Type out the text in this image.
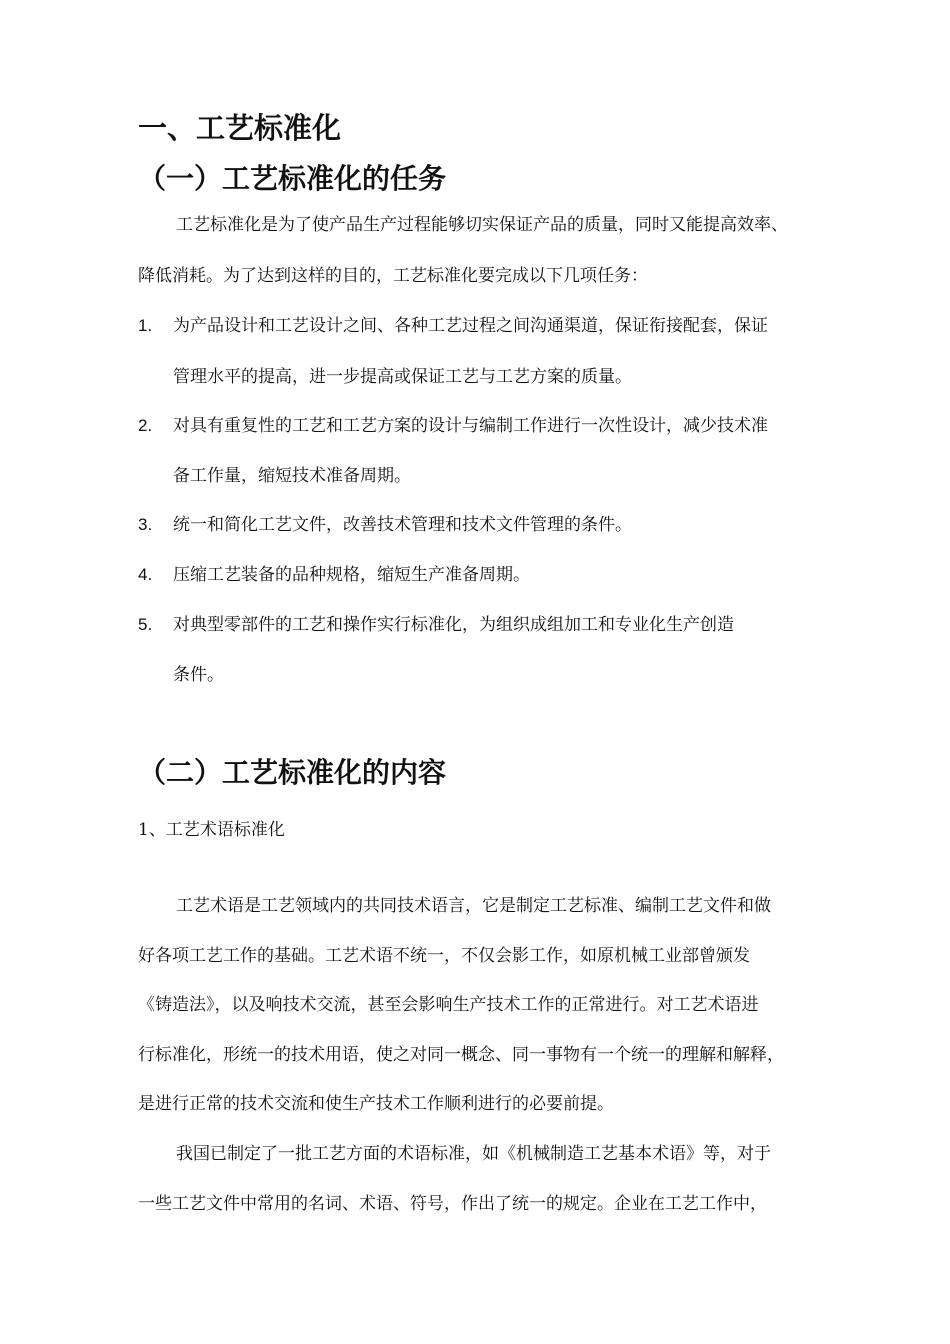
一、工艺标准化
（一）工艺标准化的任务

工艺标准化是为了使产品生产过程能够切实保证产品的质量，同时又能提高效率、

降低消耗。为了达到这样的目的，工艺标准化要完成以下几项任务：

1. 为产品设计和工艺设计之间、各种工艺过程之间沟通渠道，保证衔接配套，保证

管理水平的提高，进一步提高或保证工艺与工艺方案的质量。

2. 对具有重复性的工艺和工艺方案的设计与编制工作进行一次性设计，减少技术准

备工作量，缩短技术准备周期。

3. 统一和简化工艺文件，改善技术管理和技术文件管理的条件。

4. 压缩工艺装备的品种规格，缩短生产准备周期。

5. 对典型零部件的工艺和操作实行标准化，为组织成组加工和专业化生产创造

条件。

（二）工艺标准化的内容
1、工艺术语标准化

工艺术语是工艺领域内的共同技术语言，它是制定工艺标准、编制工艺文件和做

好各项工艺工作的基础。工艺术语不统一，不仅会影工作，如原机械工业部曾颁发

《铸造法》，以及响技术交流，甚至会影响生产技术工作的正常进行。对工艺术语进

行标准化，形统一的技术用语，使之对同一概念、同一事物有一个统一的理解和解释，

是进行正常的技术交流和使生产技术工作顺利进行的必要前提。

我国已制定了一批工艺方面的术语标准，如《机械制造工艺基本术语》等，对于

一些工艺文件中常用的名词、术语、符号，作出了统一的规定。企业在工艺工作中，
